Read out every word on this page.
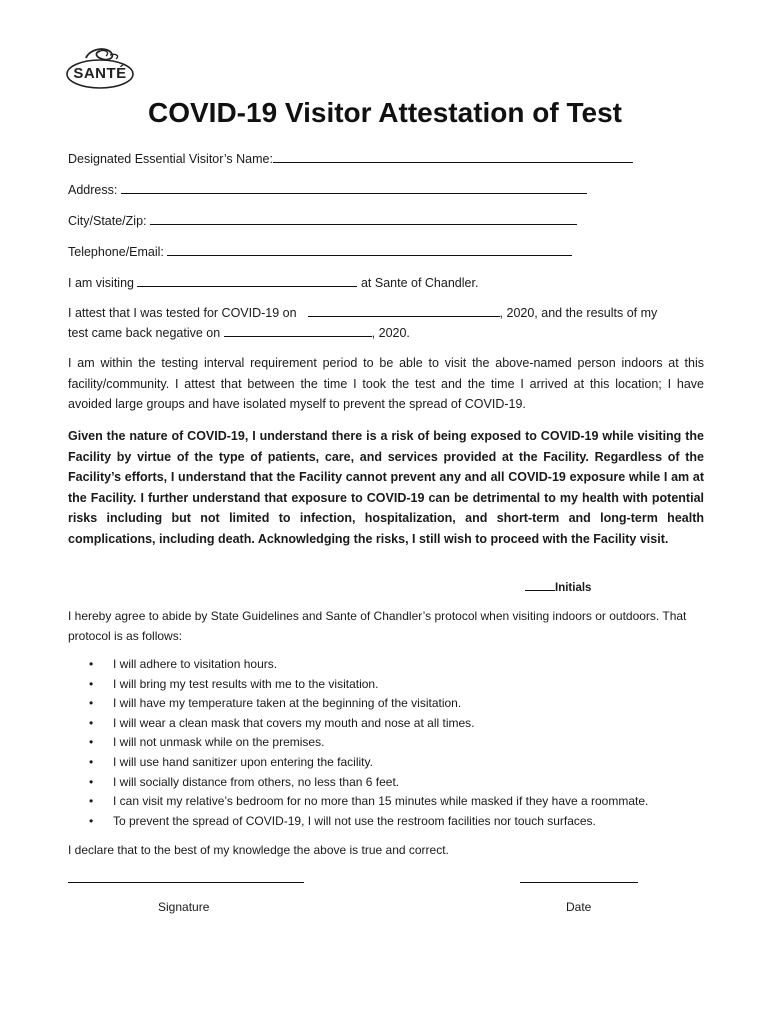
SANTÉ
COVID-19 Visitor Attestation of Test
Designated Essential Visitor’s Name:
Address:
City/State/Zip:
Telephone/Email:
I am visiting	at Sante of Chandler.
I attest that I was tested for COVID-19 on	, 2020, and the results of my
test came back negative on	, 2020.
I am within the testing interval requirement period to be able to visit the above-named person indoors at this facility/community. I attest that between the time I took the test and the time I arrived at this location; I have avoided large groups and have isolated myself to prevent the spread of COVID-19.
Given the nature of COVID-19, I understand there is a risk of being exposed to COVID-19 while visiting the Facility by virtue of the type of patients, care, and services provided at the Facility. Regardless of the Facility’s efforts, I understand that the Facility cannot prevent any and all COVID-19 exposure while I am at the Facility. I further understand that exposure to COVID-19 can be detrimental to my health with potential risks including but not limited to infection, hospitalization, and short-term and long-term health complications, including death. Acknowledging the risks, I still wish to proceed with the Facility visit.
Initials
I hereby agree to abide by State Guidelines and Sante of Chandler’s protocol when visiting indoors or outdoors. That protocol is as follows:
• I will adhere to visitation hours.
• I will bring my test results with me to the visitation.
• I will have my temperature taken at the beginning of the visitation.
• I will wear a clean mask that covers my mouth and nose at all times.
• I will not unmask while on the premises.
• I will use hand sanitizer upon entering the facility.
• I will socially distance from others, no less than 6 feet.
• I can visit my relative’s bedroom for no more than 15 minutes while masked if they have a roommate.
• To prevent the spread of COVID-19, I will not use the restroom facilities nor touch surfaces.
I declare that to the best of my knowledge the above is true and correct.
Signature	Date
